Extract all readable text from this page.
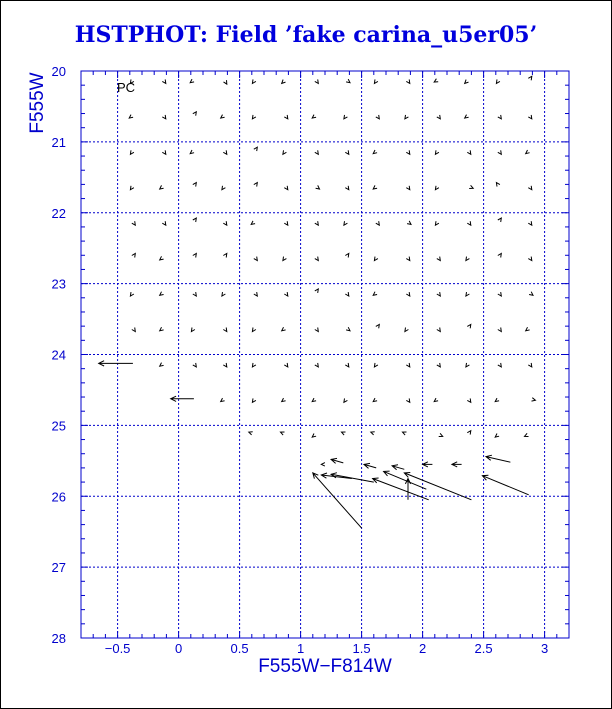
HSTPHOT: Field ’fake carina_u5er05’
−0.5	0	0.5	1	1.5	2	2.5	3
20
21
22
23
24
25
26
27
28
F555W−F814W
F555W	PC
